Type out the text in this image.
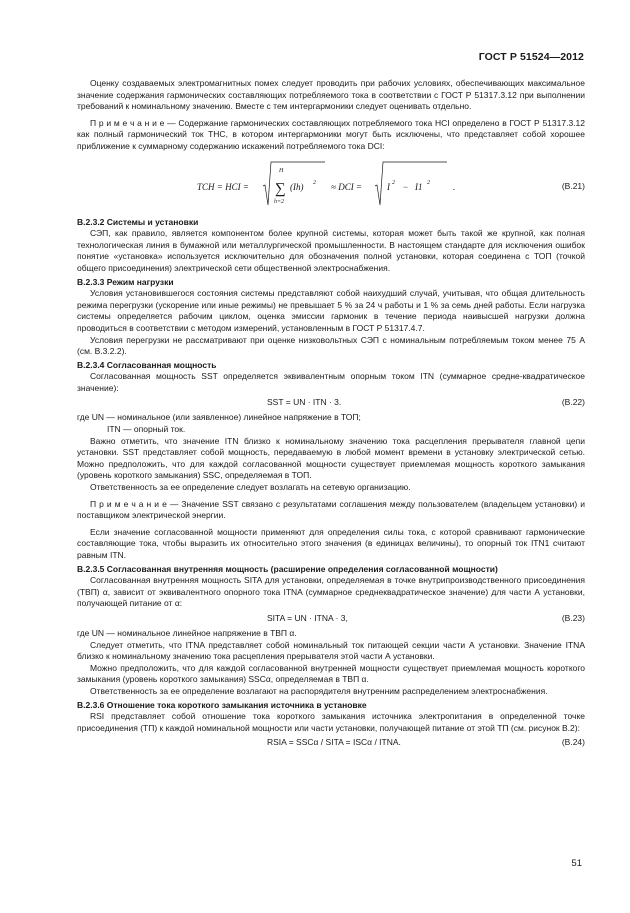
ГОСТ Р 51524—2012

Оценку создаваемых электромагнитных помех следует проводить при рабочих условиях, обеспечивающих максимальное значение содержания гармонических составляющих потребляемого тока в соответствии с ГОСТ Р 51317.3.12 при выполнении требований к номинальному значению. Вместе с тем интергармоники следует оценивать отдельно.

П р и м е ч а н и е — Содержание гармонических составляющих потребляемого тока HCI определено в ГОСТ Р 51317.3.12 как полный гармонический ток THC, в котором интергармоники могут быть исключены, что представляет собой хорошее приближение к суммарному содержанию искажений потребляемого тока DCI:

TCH = HCI =
H
∑
h=2
(Ih) 2 ≈ DCI =	I 2 − I1 2	.	(В.21)

В.2.3.2 Системы и установки

СЭП, как правило, является компонентом более крупной системы, которая может быть такой же крупной, как полная технологическая линия в бумажной или металлургической промышленности. В настоящем стандарте для исключения ошибок понятие «установка» используется исключительно для обозначения полной установки, которая соединена с ТОП (точкой общего присоединения) электрической сети общественной электроснабжения.

В.2.3.3 Режим нагрузки

Условия установившегося состояния системы представляют собой наихудший случай, учитывая, что общая длительность режима перегрузки (ускорение или иные режимы) не превышает 5 % за 24 ч работы и 1 % за семь дней работы. Если нагрузка системы определяется рабочим циклом, оценка эмиссии гармоник в течение периода наивысшей нагрузки должна проводиться в соответствии с методом измерений, установленным в ГОСТ Р 51317.4.7.

Условия перегрузки не рассматривают при оценке низковольтных СЭП с номинальным потребляемым током менее 75 А (см. В.3.2.2).

В.2.3.4 Согласованная мощность

Согласованная мощность SST определяется эквивалентным опорным током ITN (суммарное средне-квадратическое значение):

SST = UN · ITN · 3.	(В.22)

где UN — номинальное (или заявленное) линейное напряжение в ТОП;

ITN — опорный ток.

Важно отметить, что значение ITN близко к номинальному значению тока расцепления прерывателя главной цепи установки. SST представляет собой мощность, передаваемую в любой момент времени в установку электрической сетью. Можно предположить, что для каждой согласованной мощности существует приемлемая мощность короткого замыкания (уровень короткого замыкания) SSC, определяемая в ТОП.

Ответственность за ее определение следует возлагать на сетевую организацию.

П р и м е ч а н и е — Значение SST связано с результатами соглашения между пользователем (владельцем установки) и поставщиком электрической энергии.

Если значение согласованной мощности применяют для определения силы тока, с которой сравнивают гармонические составляющие тока, чтобы выразить их относительно этого значения (в единицах величины), то опорный ток ITN1 считают равным ITN.

В.2.3.5 Согласованная внутренняя мощность (расширение определения согласованной мощности)

Согласованная внутренняя мощность SITA для установки, определяемая в точке внутрипроизводственного присоединения (ТВП) α, зависит от эквивалентного опорного тока ITNA (суммарное среднеквадратическое значение) для части А установки, получающей питание от α:

SITA = UN · ITNA · 3,	(В.23)

где UN — номинальное линейное напряжение в ТВП α.

Следует отметить, что ITNA представляет собой номинальный ток питающей секции части А установки. Значение ITNA близко к номинальному значению тока расцепления прерывателя этой части А установки.

Можно предположить, что для каждой согласованной внутренней мощности существует приемлемая мощность короткого замыкания (уровень короткого замыкания) SSCα, определяемая в ТВП α.

Ответственность за ее определение возлагают на распорядителя внутренним распределением электроснабжения.

В.2.3.6 Отношение тока короткого замыкания источника в установке

RSI представляет собой отношение тока короткого замыкания источника электропитания в определенной точке присоединения (ТП) к каждой номинальной мощности или части установки, получающей питание от этой ТП (см. рисунок В.2):

RSIA = SSCα / SITA = ISCα / ITNA.	(В.24)
51
